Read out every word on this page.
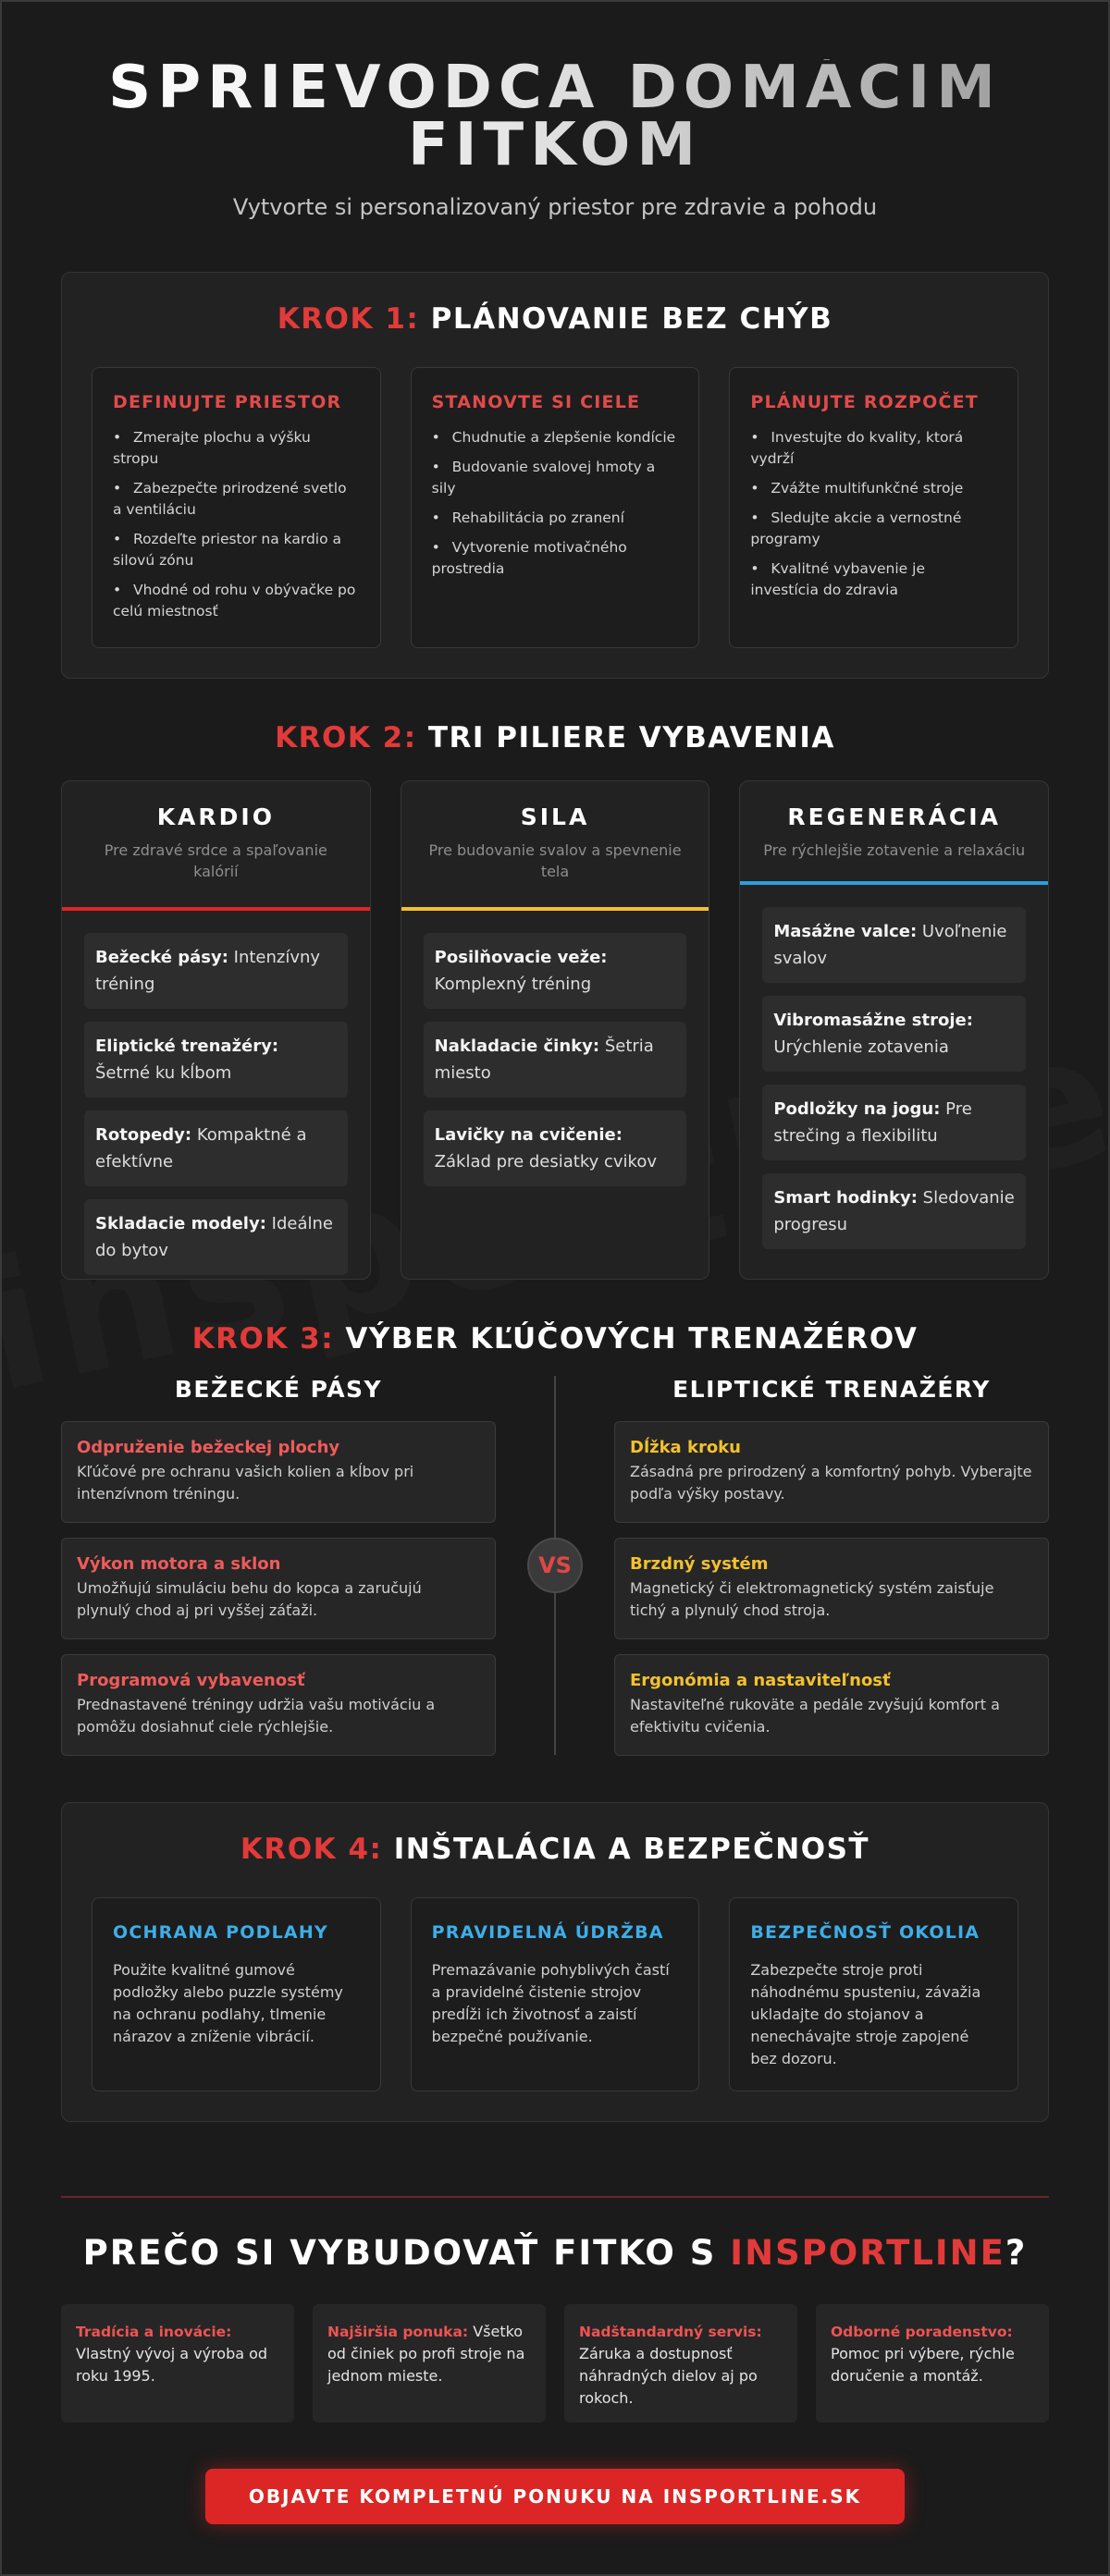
SPRIEVODCA DOMÁCIM FITKOM

Vytvorte si personalizovaný priestor pre zdravie a pohodu

KROK 1: PLÁNOVANIE BEZ CHÝB
DEFINUJTE PRIESTOR
• Zmerajte plochu a výšku stropu
• Zabezpečte prirodzené svetlo a ventiláciu
• Rozdeľte priestor na kardio a silovú zónu
• Vhodné od rohu v obývačke po celú miestnosť
STANOVTE SI CIELE
• Chudnutie a zlepšenie kondície
• Budovanie svalovej hmoty a sily
• Rehabilitácia po zranení
• Vytvorenie motivačného prostredia
PLÁNUJTE ROZPOČET
• Investujte do kvality, ktorá vydrží
• Zvážte multifunkčné stroje
• Sledujte akcie a vernostné programy
• Kvalitné vybavenie je investícia do zdravia
KROK 2: TRI PILIERE VYBAVENIA
KARDIO

Pre zdravé srdce a spaľovanie kalórií

Bežecké pásy: Intenzívny tréning
Eliptické trenažéry: Šetrné ku kĺbom
Rotopedy: Kompaktné a efektívne
Skladacie modely: Ideálne do bytov
SILA

Pre budovanie svalov a spevnenie tela

Posilňovacie veže: Komplexný tréning
Nakladacie činky: Šetria miesto
Lavičky na cvičenie: Základ pre desiatky cvikov
REGENERÁCIA

Pre rýchlejšie zotavenie a relaxáciu

Masážne valce: Uvoľnenie svalov
Vibromasážne stroje: Urýchlenie zotavenia
Podložky na jogu: Pre strečing a flexibilitu
Smart hodinky: Sledovanie progresu
KROK 3: VÝBER KĽÚČOVÝCH TRENAŽÉROV
BEŽECKÉ PÁSY
Odpruženie bežeckej plochy
Kľúčové pre ochranu vašich kolien a kĺbov pri intenzívnom tréningu.
Výkon motora a sklon
Umožňujú simuláciu behu do kopca a zaručujú plynulý chod aj pri vyššej záťaži.
Programová vybavenosť
Prednastavené tréningy udržia vašu motiváciu a pomôžu dosiahnuť ciele rýchlejšie.
VS
ELIPTICKÉ TRENAŽÉRY
Dĺžka kroku
Zásadná pre prirodzený a komfortný pohyb. Vyberajte podľa výšky postavy.
Brzdný systém
Magnetický či elektromagnetický systém zaisťuje tichý a plynulý chod stroja.
Ergonómia a nastaviteľnosť
Nastaviteľné rukoväte a pedále zvyšujú komfort a efektivitu cvičenia.
KROK 4: INŠTALÁCIA A BEZPEČNOSŤ
OCHRANA PODLAHY

Použite kvalitné gumové podložky alebo puzzle systémy na ochranu podlahy, tlmenie nárazov a zníženie vibrácií.

PRAVIDELNÁ ÚDRŽBA

Premazávanie pohyblivých častí a pravidelné čistenie strojov predĺži ich životnosť a zaistí bezpečné používanie.

BEZPEČNOSŤ OKOLIA

Zabezpečte stroje proti náhodnému spusteniu, závažia ukladajte do stojanov a nenechávajte stroje zapojené bez dozoru.

PREČO SI VYBUDOVAŤ FITKO S INSPORTLINE?
Tradícia a inovácie: Vlastný vývoj a výroba od roku 1995.
Najširšia ponuka: Všetko od činiek po profi stroje na jednom mieste.
Nadštandardný servis: Záruka a dostupnosť náhradných dielov aj po rokoch.
Odborné poradenstvo: Pomoc pri výbere, rýchle doručenie a montáž.
OBJAVTE KOMPLETNÚ PONUKU NA INSPORTLINE.SK
